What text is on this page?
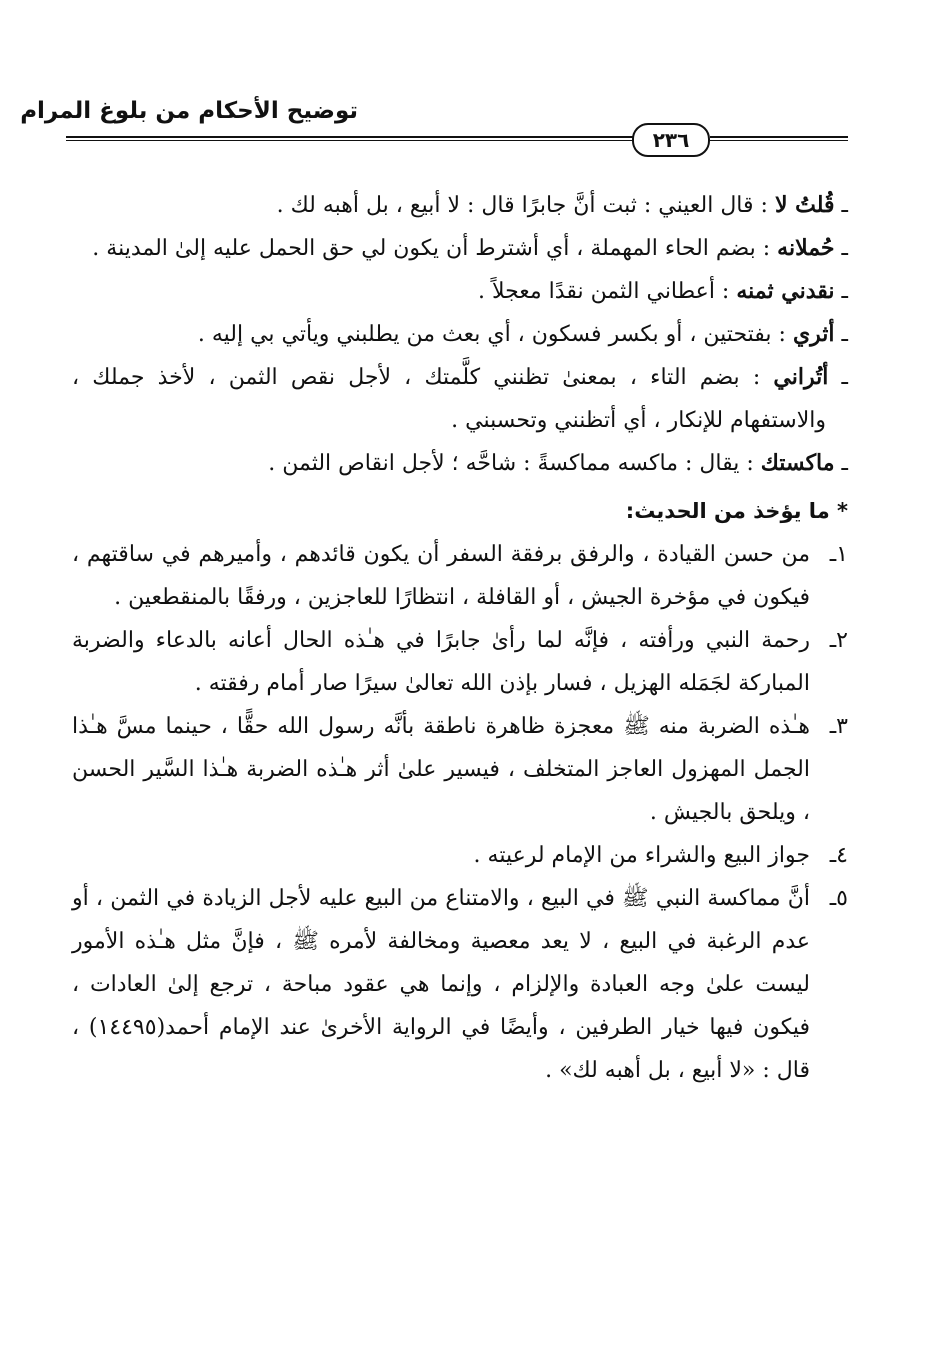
توضيح الأحكام من بلوغ المرام
٢٣٦

ـ قُلتُ لا : قال العيني : ثبت أنَّ جابرًا قال : لا أبيع ، بل أهبه لك .

ـ حُملانه : بضم الحاء المهملة ، أي أشترط أن يكون لي حق الحمل عليه إلىٰ المدينة .

ـ نقدني ثمنه : أعطاني الثمن نقدًا معجلاً .

ـ أثري : بفتحتين ، أو بكسر فسكون ، أي بعث من يطلبني ويأتي بي إليه .

ـ أتُراني : بضم التاء ، بمعنىٰ تظنني كلَّمتك ، لأجل نقص الثمن ، لأخذ جملك ، والاستفهام للإنكار ، أي أتظنني وتحسبني .

ـ ماكستك : يقال : ماكسه مماكسةً : شاحَّه ؛ لأجل انقاص الثمن .

* ما يؤخذ من الحديث:

١ـ
من حسن القيادة ، والرفق برفقة السفر أن يكون قائدهم ، وأميرهم في ساقتهم ، فيكون في مؤخرة الجيش ، أو القافلة ، انتظارًا للعاجزين ، ورفقًا بالمنقطعين .

٢ـ
رحمة النبي ورأفته ، فإنَّه لما رأىٰ جابرًا في هـٰذه الحال أعانه بالدعاء والضربة المباركة لجَمَله الهزيل ، فسار بإذن الله تعالىٰ سيرًا صار أمام رفقته .

٣ـ
هـٰذه الضربة منه ﷺ معجزة ظاهرة ناطقة بأنَّه رسول الله حقًّا ، حينما مسَّ هـٰذا الجمل المهزول العاجز المتخلف ، فيسير علىٰ أثر هـٰذه الضربة هـٰذا السَّير الحسن ، ويلحق بالجيش .

٤ـ
جواز البيع والشراء من الإمام لرعيته .

٥ـ
أنَّ مماكسة النبي ﷺ في البيع ، والامتناع من البيع عليه لأجل الزيادة في الثمن ، أو عدم الرغبة في البيع ، لا يعد معصية ومخالفة لأمره ﷺ ، فإنَّ مثل هـٰذه الأمور ليست علىٰ وجه العبادة والإلزام ، وإنما هي عقود مباحة ، ترجع إلىٰ العادات ، فيكون فيها خيار الطرفين ، وأيضًا في الرواية الأخرىٰ عند الإمام أحمد(١٤٤٩٥) ، قال : «لا أبيع ، بل أهبه لك» .
